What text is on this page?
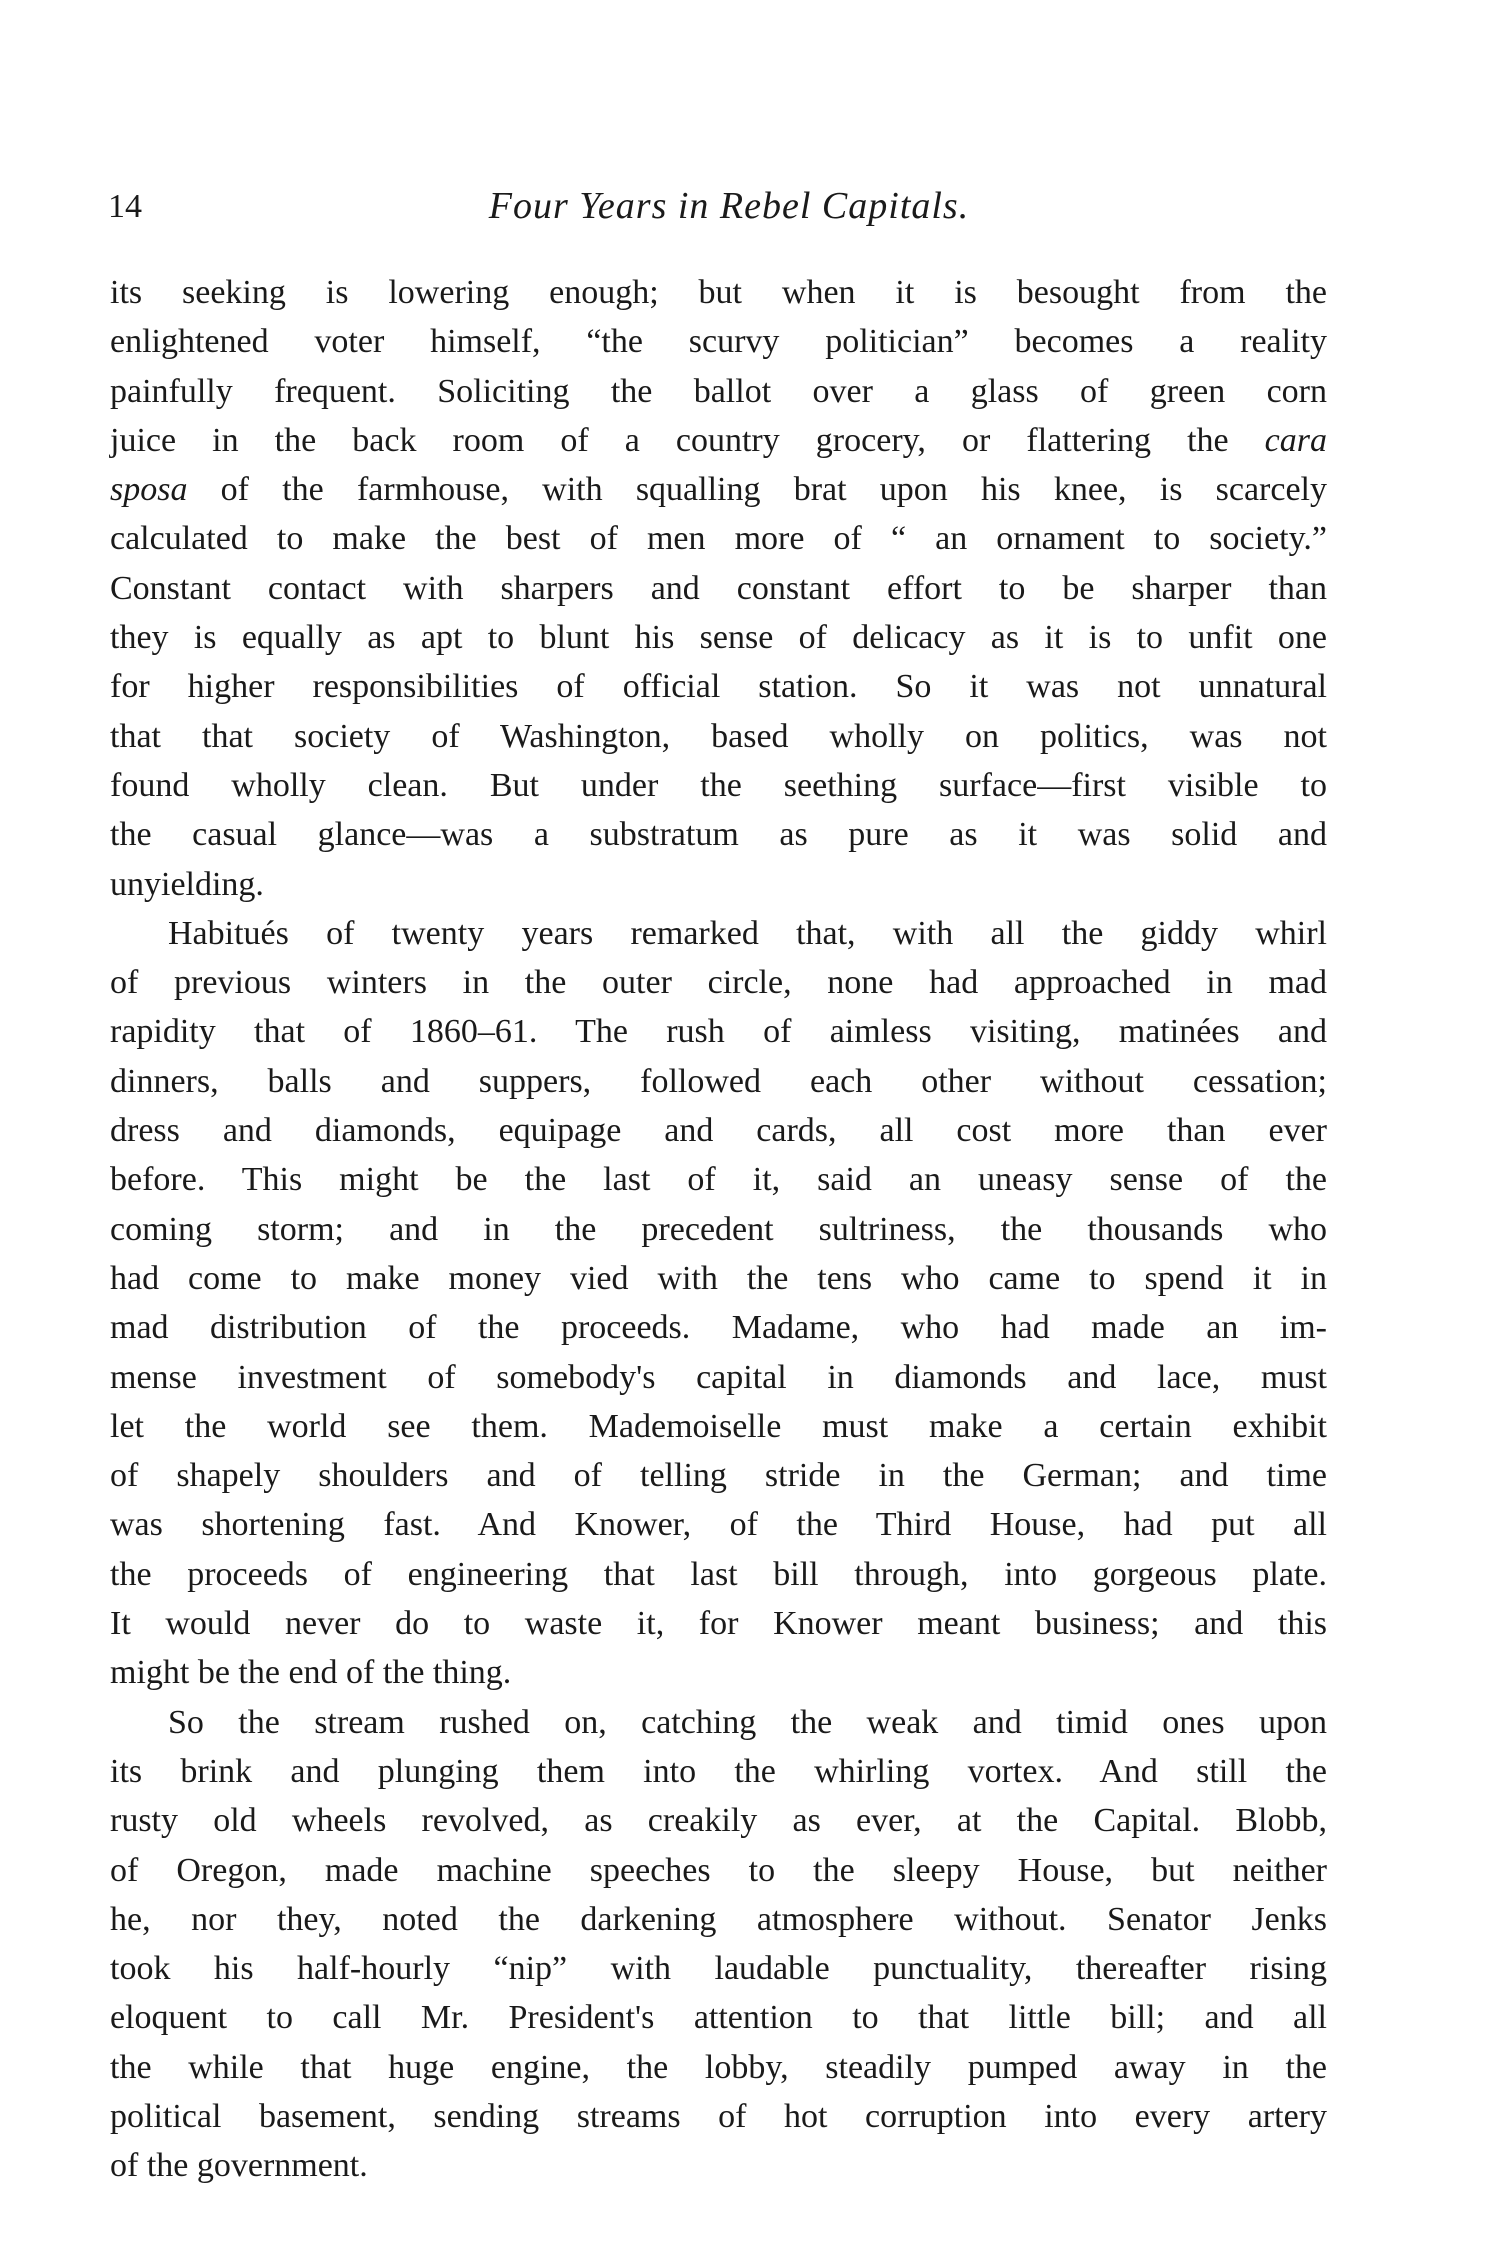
14	Four Years in Rebel Capitals.
its seeking is lowering enough; but when it is besought from the
enlightened voter himself, “the scurvy politician” becomes a reality
painfully frequent. Soliciting the ballot over a glass of green corn
juice in the back room of a country grocery, or flattering the cara
sposa of the farmhouse, with squalling brat upon his knee, is scarcely
calculated to make the best of men more of “ an ornament to society.”
Constant contact with sharpers and constant effort to be sharper than
they is equally as apt to blunt his sense of delicacy as it is to unfit one
for higher responsibilities of official station. So it was not unnatural
that that society of Washington, based wholly on politics, was not
found wholly clean. But under the seething surface—first visible to
the casual glance—was a substratum as pure as it was solid and
unyielding.
Habitués of twenty years remarked that, with all the giddy whirl
of previous winters in the outer circle, none had approached in mad
rapidity that of 1860–61. The rush of aimless visiting, matinées and
dinners, balls and suppers, followed each other without cessation;
dress and diamonds, equipage and cards, all cost more than ever
before. This might be the last of it, said an uneasy sense of the
coming storm; and in the precedent sultriness, the thousands who
had come to make money vied with the tens who came to spend it in
mad distribution of the proceeds. Madame, who had made an im-
mense investment of somebody's capital in diamonds and lace, must
let the world see them. Mademoiselle must make a certain exhibit
of shapely shoulders and of telling stride in the German; and time
was shortening fast. And Knower, of the Third House, had put all
the proceeds of engineering that last bill through, into gorgeous plate.
It would never do to waste it, for Knower meant business; and this
might be the end of the thing.
So the stream rushed on, catching the weak and timid ones upon
its brink and plunging them into the whirling vortex. And still the
rusty old wheels revolved, as creakily as ever, at the Capital. Blobb,
of Oregon, made machine speeches to the sleepy House, but neither
he, nor they, noted the darkening atmosphere without. Senator Jenks
took his half-hourly “nip” with laudable punctuality, thereafter rising
eloquent to call Mr. President's attention to that little bill; and all
the while that huge engine, the lobby, steadily pumped away in the
political basement, sending streams of hot corruption into every artery
of the government.
